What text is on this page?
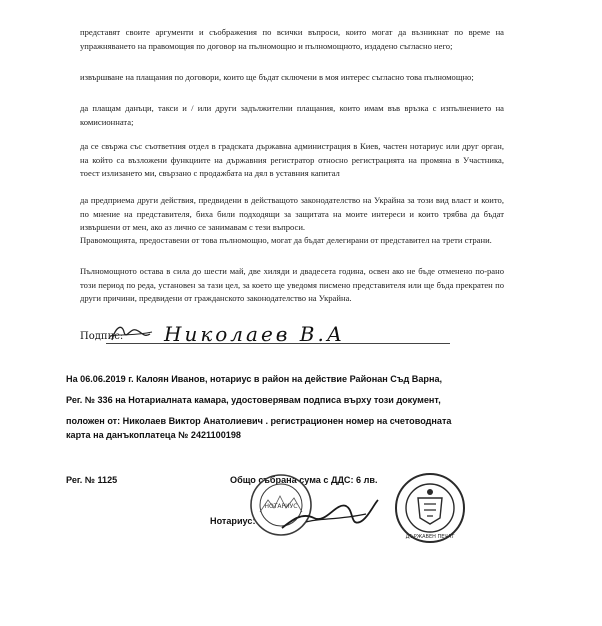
представят своите аргументи и съображения по всички въпроси, които могат да възникнат по време на упражняването на правомощия по договор на пълномощно и пълномощното, издадено съгласно него;

извършване на плащания по договори, които ще бъдат сключени в моя интерес съгласно това пълномощно;

да плащам данъци, такси и / или други задължителни плащания, които имам във връзка с изпълнението на комисионната;

да се свържа със съответния отдел в градската държавна администрация в Киев, частен нотариус или друг орган, на който са възложени функциите на държавния регистратор относно регистрацията на промяна в Участника, тоест излизането ми, свързано с продажбата на дял в уставния капитал

да предприема други действия, предвидени в действащото законодателство на Украйна за този вид власт и които, по мнение на представителя, биха били подходящи за защитата на моите интереси и които трябва да бъдат извършени от мен, ако аз лично се занимавам с тези въпроси.

Правомощията, предоставени от това пълномощно, могат да бъдат делегирани от представител на трети страни.

Пълномощното остава в сила до шести май, две хиляди и двадесета година, освен ако не бъде отменено по-рано този период по реда, установен за тази цел, за което ще уведомя писмено представителя или ще бъда прекратен по други причини, предвидени от гражданското законодателство на Украйна.

Подпис: Николаев В.А
На 06.06.2019 г. Калоян Иванов, нотариус в район на действие Районан Съд Варна,
Рег. № 336 на Нотариалната камара, удостоверявам подписа върху този документ,
положен от: Николаев Виктор Анатолиевич . регистрационен номер на счетоводната
карта на данъкоплатеца № 2421100198
Рег. № 1125	Общо събрана сума с ДДС: 6 лв.
Нотариус:
НОТАРИУС
ДЪРЖАВЕН ПЕЧАТ
